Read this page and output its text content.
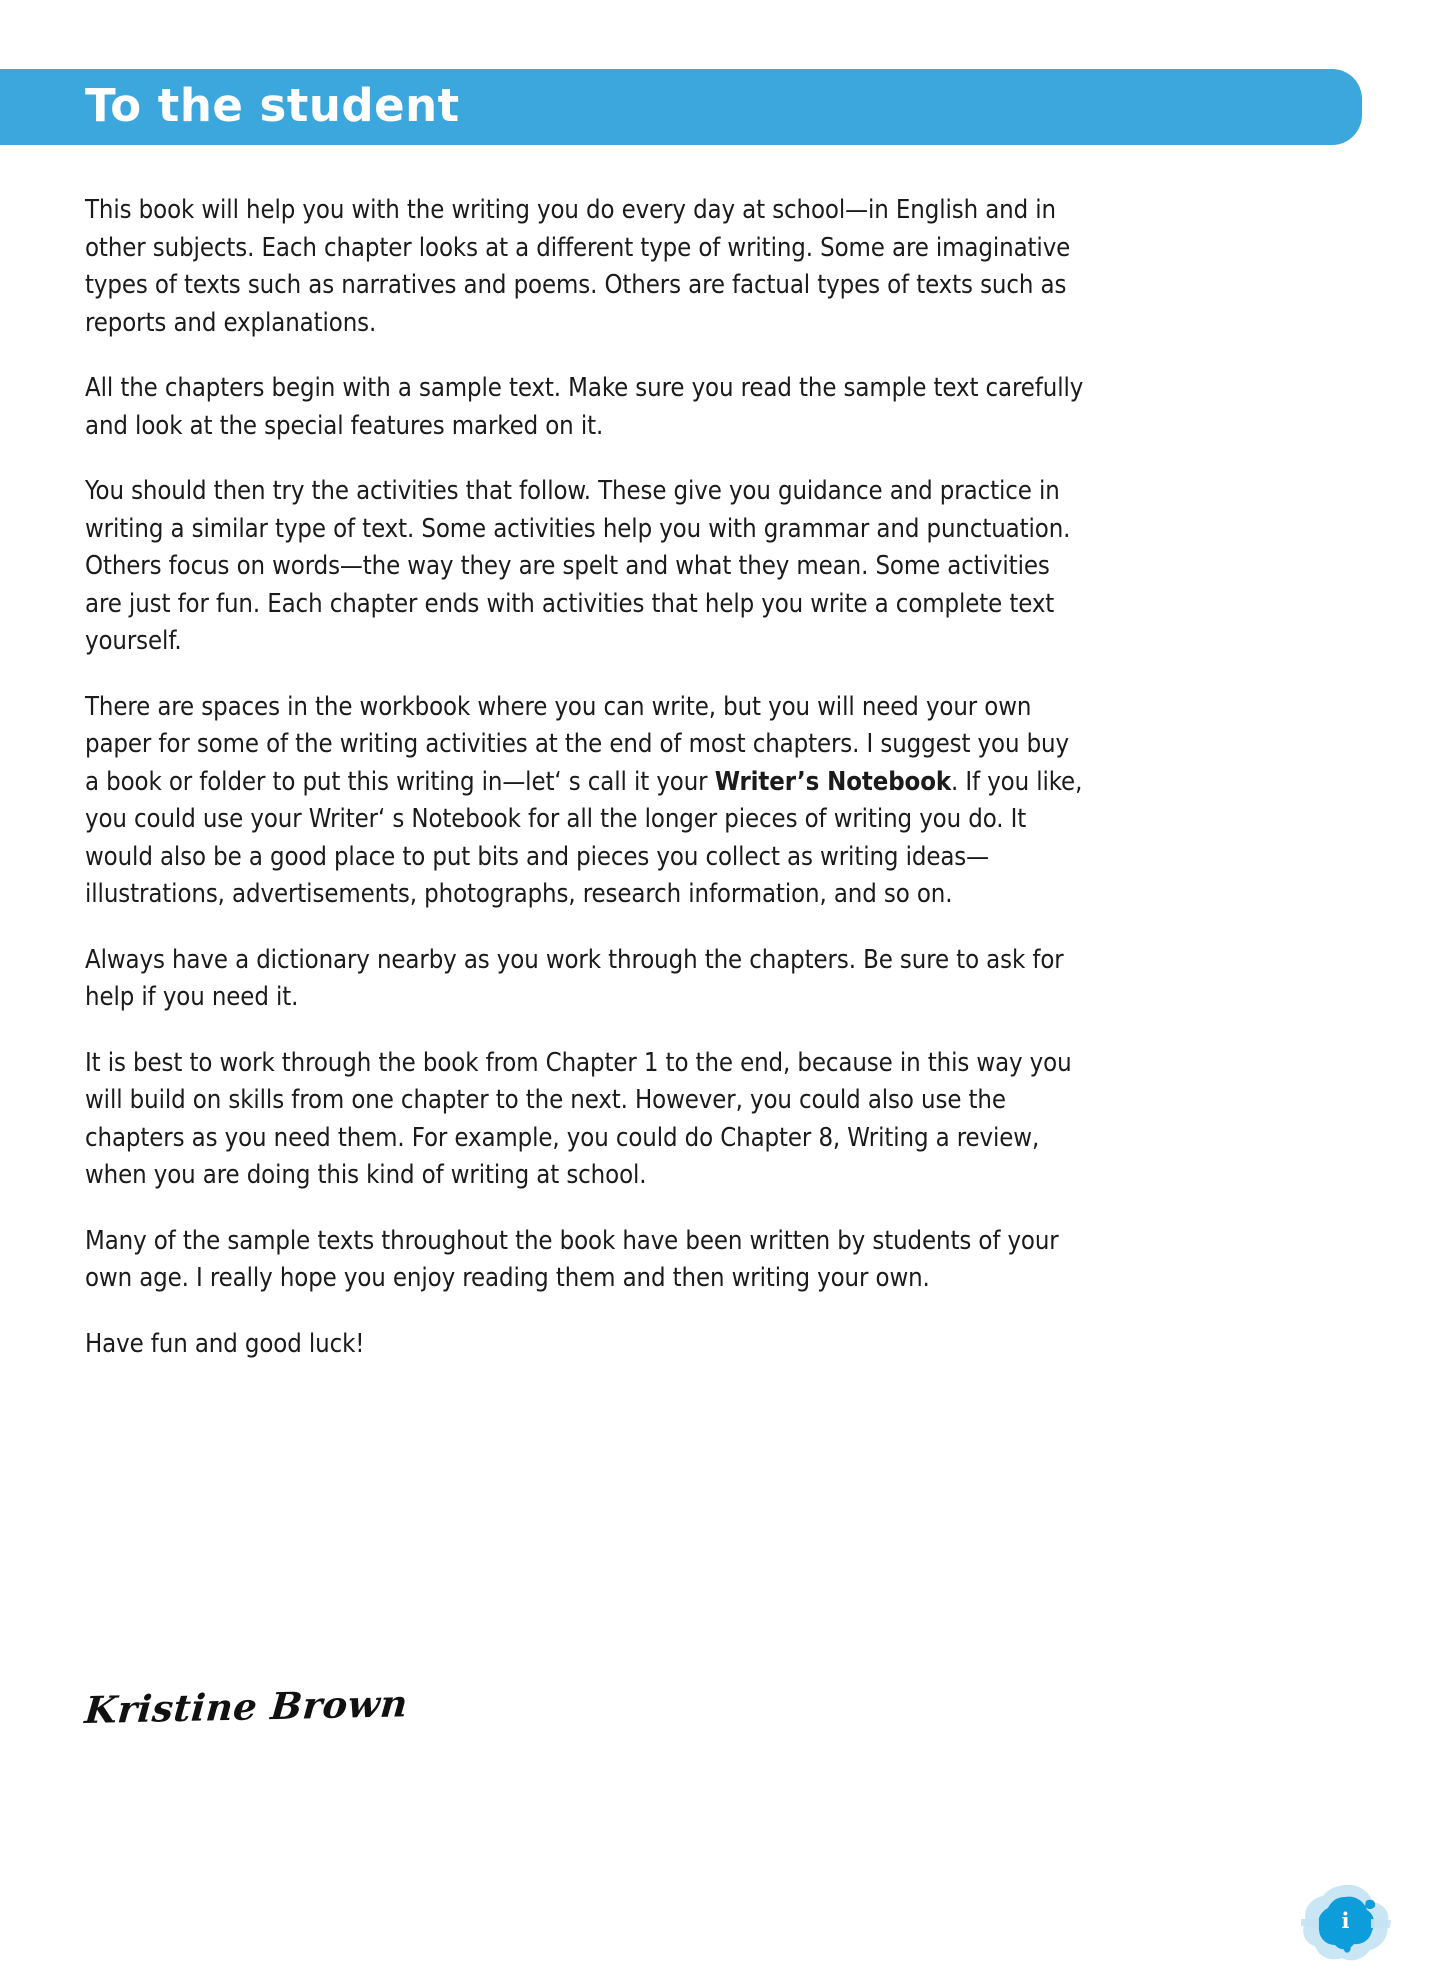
To the student

This book will help you with the writing you do every day at school—in English and in other subjects. Each chapter looks at a different type of writing. Some are imaginative types of texts such as narratives and poems. Others are factual types of texts such as reports and explanations.

All the chapters begin with a sample text. Make sure you read the sample text carefully and look at the special features marked on it.

You should then try the activities that follow. These give you guidance and practice in writing a similar type of text. Some activities help you with grammar and punctuation. Others focus on words—the way they are spelt and what they mean. Some activities are just for fun. Each chapter ends with activities that help you write a complete text yourself.

There are spaces in the workbook where you can write, but you will need your own paper for some of the writing activities at the end of most chapters. I suggest you buy a book or folder to put this writing in—let‘ s call it your Writer’s Notebook. If you like, you could use your Writer‘ s Notebook for all the longer pieces of writing you do. It would also be a good place to put bits and pieces you collect as writing ideas—illustrations, advertisements, photographs, research information, and so on.

Always have a dictionary nearby as you work through the chapters. Be sure to ask for help if you need it.

It is best to work through the book from Chapter 1 to the end, because in this way you will build on skills from one chapter to the next. However, you could also use the chapters as you need them. For example, you could do Chapter 8, Writing a review, when you are doing this kind of writing at school.

Many of the sample texts throughout the book have been written by students of your own age. I really hope you enjoy reading them and then writing your own.

Have fun and good luck!

Kristine Brown
i
